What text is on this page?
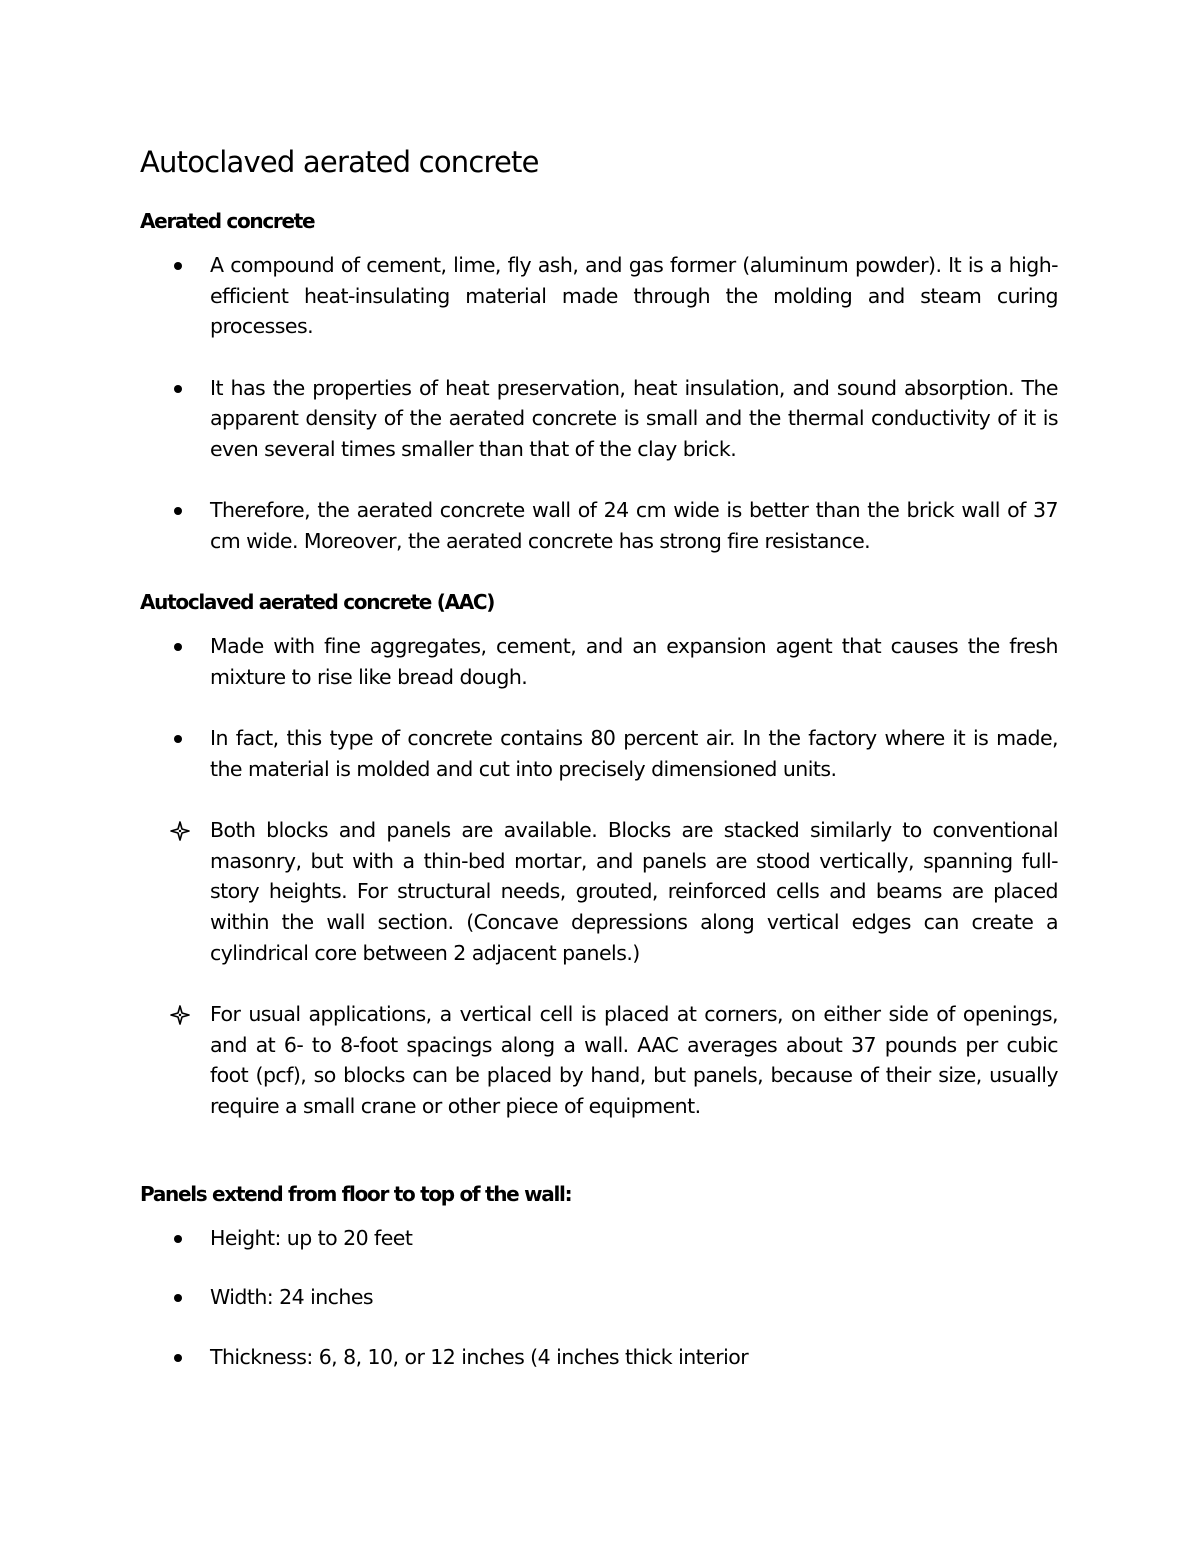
Autoclaved aerated concrete
Aerated concrete
A compound of cement, lime, fly ash, and gas former (aluminum powder). It is a high-efficient heat-insulating material made through the molding and steam curing processes.
It has the properties of heat preservation, heat insulation, and sound absorption. The apparent density of the aerated concrete is small and the thermal conductivity of it is even several times smaller than that of the clay brick.
Therefore, the aerated concrete wall of 24 cm wide is better than the brick wall of 37 cm wide. Moreover, the aerated concrete has strong fire resistance.
Autoclaved aerated concrete (AAC)
Made with fine aggregates, cement, and an expansion agent that causes the fresh mixture to rise like bread dough.
In fact, this type of concrete contains 80 percent air. In the factory where it is made, the material is molded and cut into precisely dimensioned units.
Both blocks and panels are available. Blocks are stacked similarly to conventional masonry, but with a thin-bed mortar, and panels are stood vertically, spanning full-story heights. For structural needs, grouted, reinforced cells and beams are placed within the wall section. (Concave depressions along vertical edges can create a cylindrical core between 2 adjacent panels.)
For usual applications, a vertical cell is placed at corners, on either side of openings, and at 6- to 8-foot spacings along a wall. AAC averages about 37 pounds per cubic foot (pcf), so blocks can be placed by hand, but panels, because of their size, usually require a small crane or other piece of equipment.
Panels extend from floor to top of the wall:
Height: up to 20 feet
Width: 24 inches
Thickness: 6, 8, 10, or 12 inches (4 inches thick interior
